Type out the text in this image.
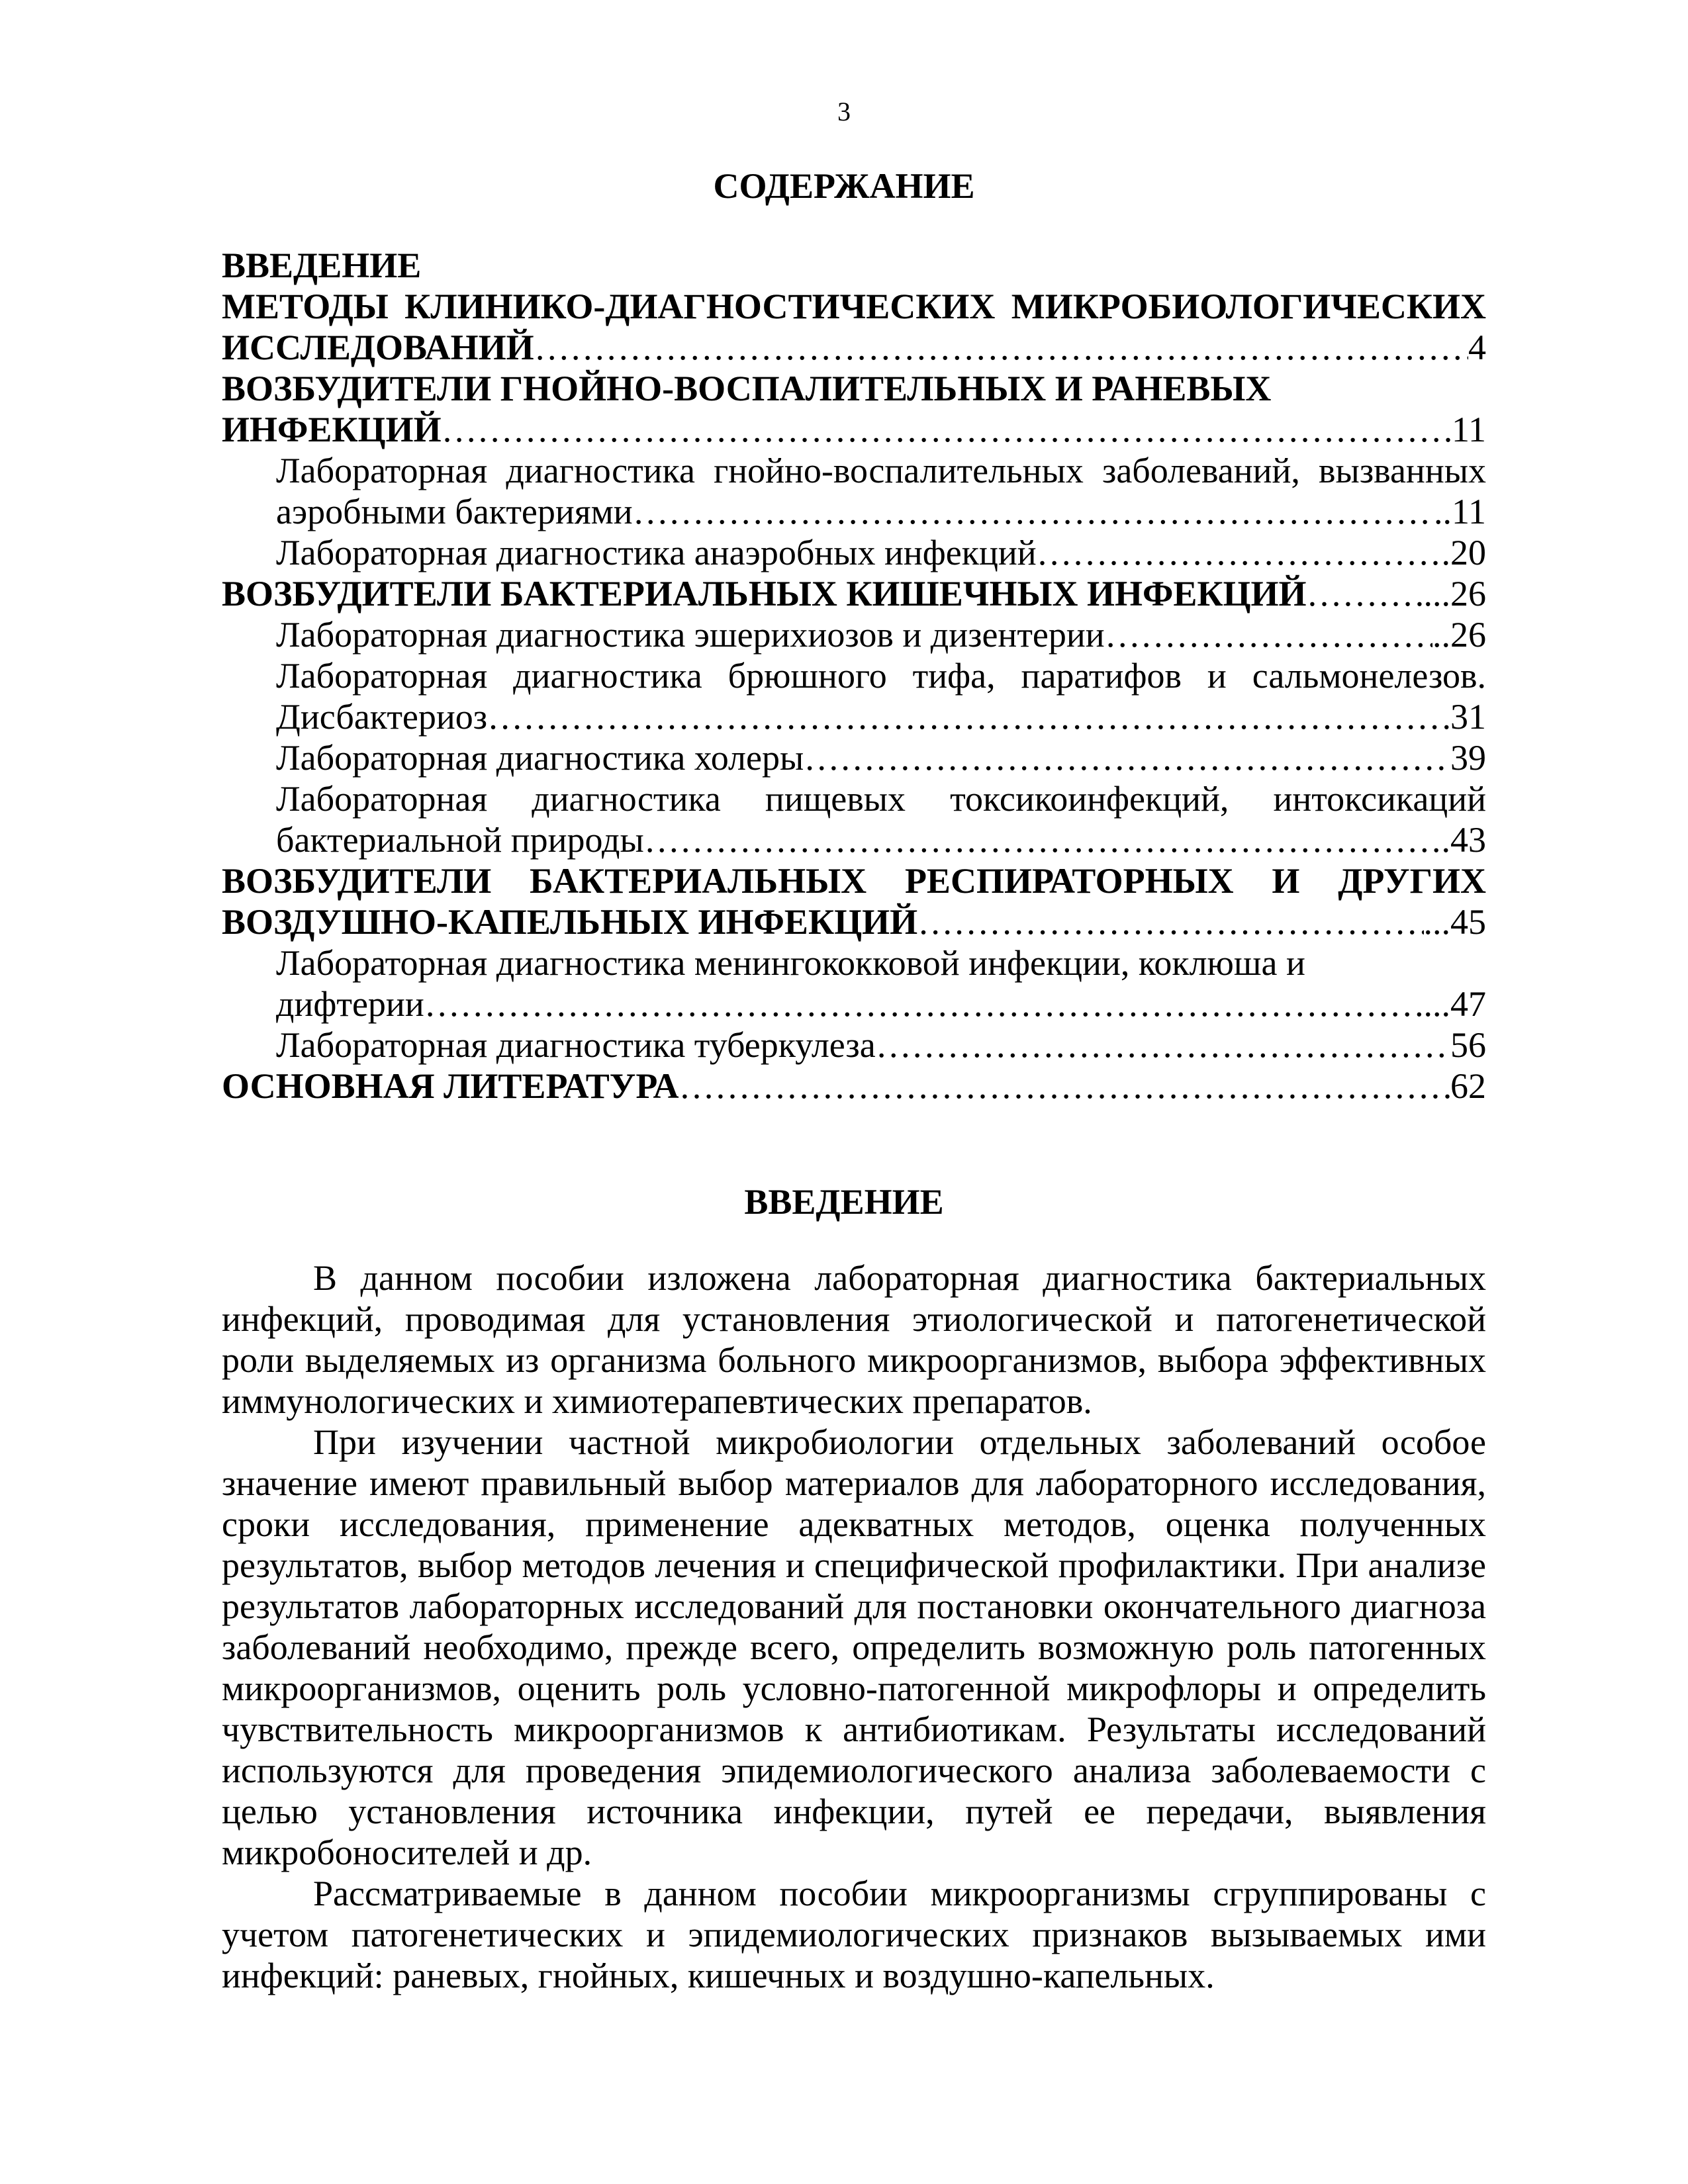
3
СОДЕРЖАНИЕ
ВВЕДЕНИЕ
МЕТОДЫ КЛИНИКО-ДИАГНОСТИЧЕСКИХ МИКРОБИОЛОГИЧЕСКИХ
ИССЛЕДОВАНИЙ …………………………………………………………………………………………………………………………………………………………………………………………………………………………………………	4
ВОЗБУДИТЕЛИ ГНОЙНО-ВОСПАЛИТЕЛЬНЫХ И РАНЕВЫХ
ИНФЕКЦИЙ …………………………………………………………………………………………………………………………………………………………………………………………………………………………………………	11
Лабораторная диагностика гнойно-воспалительных заболеваний, вызванных
аэробными бактериями …………………………………………………………………………………………………………………………………………………………………………………………………………………………………………	..11
Лабораторная диагностика анаэробных инфекций …………………………………………………………………………………………………………………………………………………………………………………………………………………………………………	.20
ВОЗБУДИТЕЛИ БАКТЕРИАЛЬНЫХ КИШЕЧНЫХ ИНФЕКЦИЙ …………………………………………………………………………………………………………………………………………………………………………………………………………………………………………	...26
Лабораторная диагностика эшерихиозов и дизентерии …………………………………………………………………………………………………………………………………………………………………………………………………………………………………………	..26
Лабораторная диагностика брюшного тифа, паратифов и сальмонелезов.
Дисбактериоз …………………………………………………………………………………………………………………………………………………………………………………………………………………………………………	31
Лабораторная диагностика холеры …………………………………………………………………………………………………………………………………………………………………………………………………………………………………………	39
Лабораторная диагностика пищевых токсикоинфекций, интоксикаций
бактериальной природы …………………………………………………………………………………………………………………………………………………………………………………………………………………………………………	.43
ВОЗБУДИТЕЛИ БАКТЕРИАЛЬНЫХ РЕСПИРАТОРНЫХ И ДРУГИХ
ВОЗДУШНО-КАПЕЛЬНЫХ ИНФЕКЦИЙ …………………………………………………………………………………………………………………………………………………………………………………………………………………………………………	...45
Лабораторная диагностика менингококковой инфекции, коклюша и
дифтерии …………………………………………………………………………………………………………………………………………………………………………………………………………………………………………	...47
Лабораторная диагностика туберкулеза …………………………………………………………………………………………………………………………………………………………………………………………………………………………………………	56
ОСНОВНАЯ ЛИТЕРАТУРА …………………………………………………………………………………………………………………………………………………………………………………………………………………………………………	62
ВВЕДЕНИЕ

В данном пособии изложена лабораторная диагностика бактериальных инфекций, проводимая для установления этиологической и патогенетической роли выделяемых из организма больного микроорганизмов, выбора эффективных иммунологических и химиотерапевтических препаратов.

При изучении частной микробиологии отдельных заболеваний особое значение имеют правильный выбор материалов для лабораторного исследования, сроки исследования, применение адекватных методов, оценка полученных результатов, выбор методов лечения и специфической профилактики. При анализе результатов лабораторных исследований для постановки окончательного диагноза заболеваний необходимо, прежде всего, определить возможную роль патогенных микроорганизмов, оценить роль условно-патогенной микрофлоры и определить чувствительность микроорганизмов к антибиотикам. Результаты исследований используются для проведения эпидемиологического анализа заболеваемости с целью установления источника инфекции, путей ее передачи, выявления микробоносителей и др.

Рассматриваемые в данном пособии микроорганизмы сгруппированы с учетом патогенетических и эпидемиологических признаков вызываемых ими инфекций: раневых, гнойных, кишечных и воздушно-капельных.
